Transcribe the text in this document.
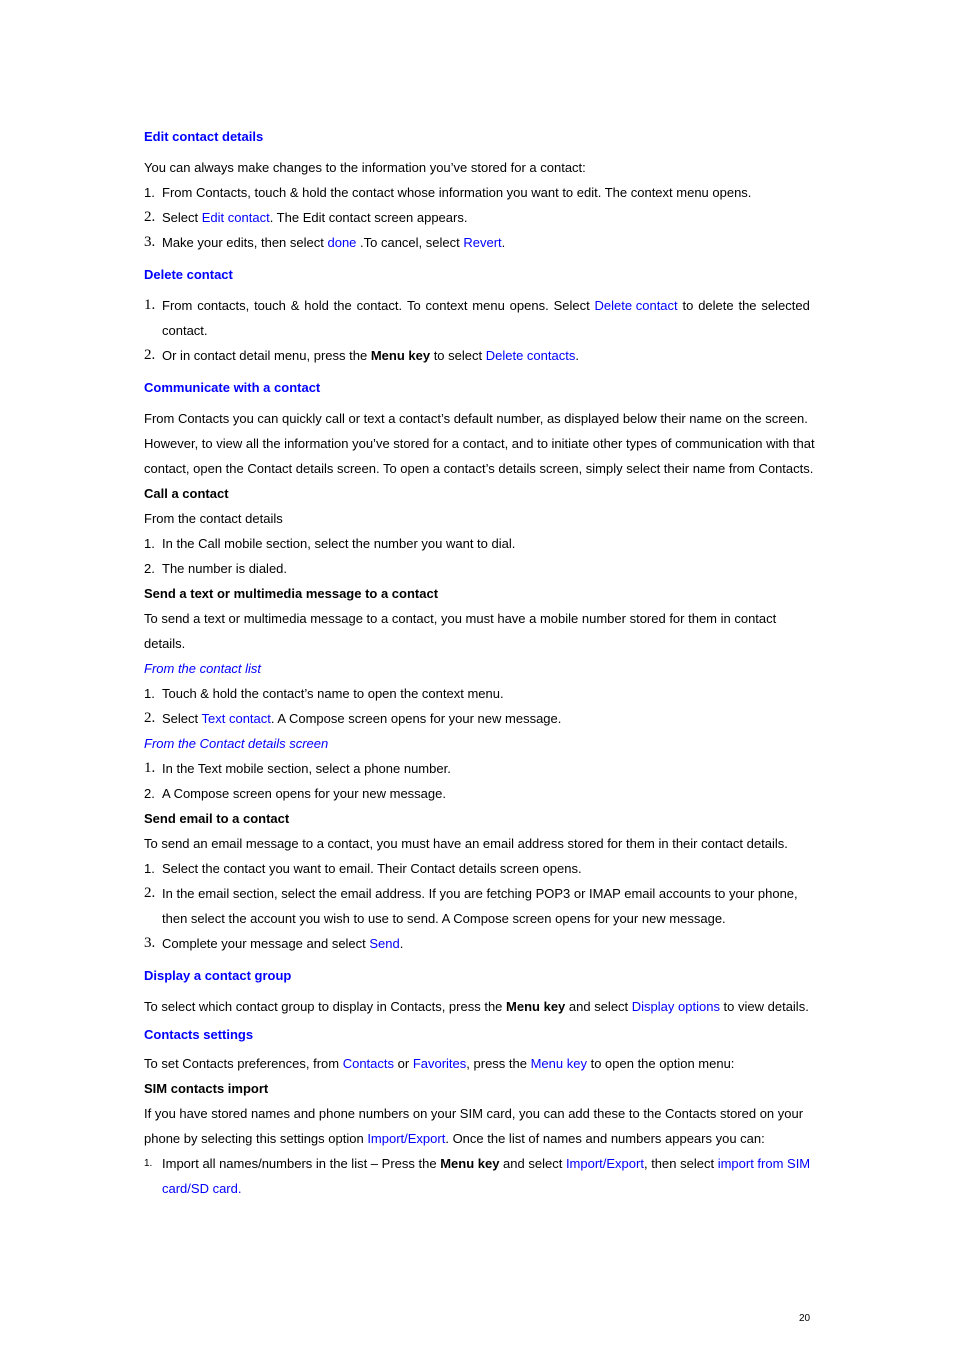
Edit contact details
You can always make changes to the information you’ve stored for a contact:
1. From Contacts, touch & hold the contact whose information you want to edit. The context menu opens.
2. Select Edit contact. The Edit contact screen appears.
3. Make your edits, then select done .To cancel, select Revert.
Delete contact
1. From contacts, touch & hold the contact. To context menu opens. Select Delete contact to delete the selected
contact.
2. Or in contact detail menu, press the Menu key to select Delete contacts.
Communicate with a contact
From Contacts you can quickly call or text a contact’s default number, as displayed below their name on the screen.
However, to view all the information you’ve stored for a contact, and to initiate other types of communication with that
contact, open the Contact details screen. To open a contact’s details screen, simply select their name from Contacts.
Call a contact
From the contact details
1. In the Call mobile section, select the number you want to dial.
2. The number is dialed.
Send a text or multimedia message to a contact
To send a text or multimedia message to a contact, you must have a mobile number stored for them in contact
details.
From the contact list
1. Touch & hold the contact’s name to open the context menu.
2. Select Text contact. A Compose screen opens for your new message.
From the Contact details screen
1. In the Text mobile section, select a phone number.
2. A Compose screen opens for your new message.
Send email to a contact
To send an email message to a contact, you must have an email address stored for them in their contact details.
1. Select the contact you want to email. Their Contact details screen opens.
2. In the email section, select the email address. If you are fetching POP3 or IMAP email accounts to your phone,
then select the account you wish to use to send. A Compose screen opens for your new message.
3. Complete your message and select Send.
Display a contact group
To select which contact group to display in Contacts, press the Menu key and select Display options to view details.
Contacts settings
To set Contacts preferences, from Contacts or Favorites, press the Menu key to open the option menu:
SIM contacts import
If you have stored names and phone numbers on your SIM card, you can add these to the Contacts stored on your
phone by selecting this settings option Import/Export. Once the list of names and numbers appears you can:
1. Import all names/numbers in the list – Press the Menu key and select Import/Export, then select import from SIM
card/SD card.
20
